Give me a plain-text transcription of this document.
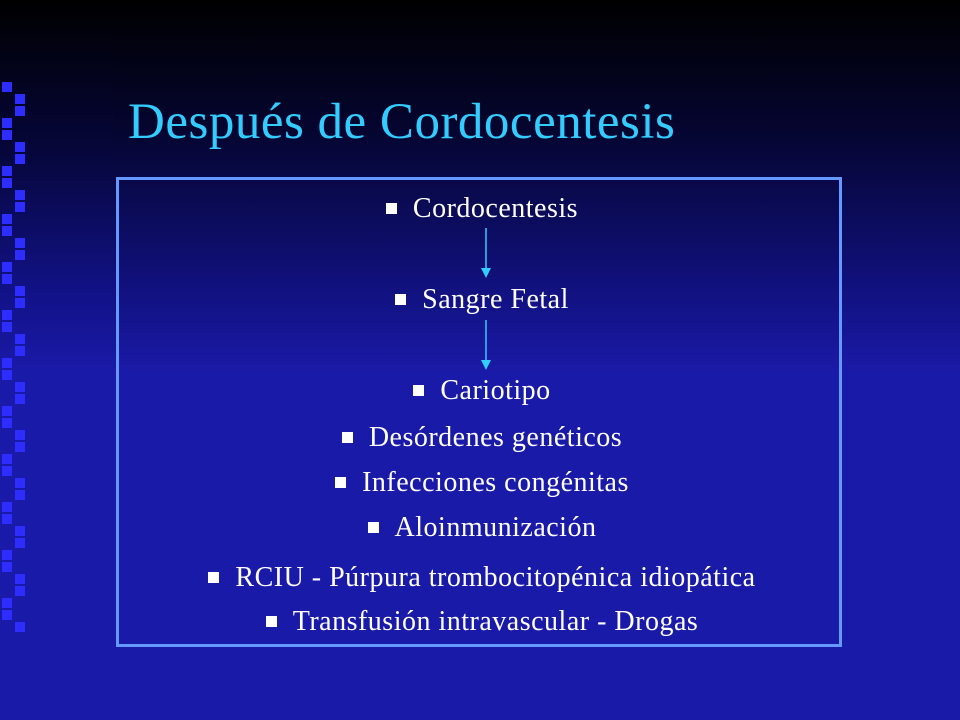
Después de Cordocentesis
Cordocentesis
Sangre Fetal
Cariotipo
Desórdenes genéticos
Infecciones congénitas
Aloinmunización
RCIU - Púrpura trombocitopénica idiopática
Transfusión intravascular - Drogas
